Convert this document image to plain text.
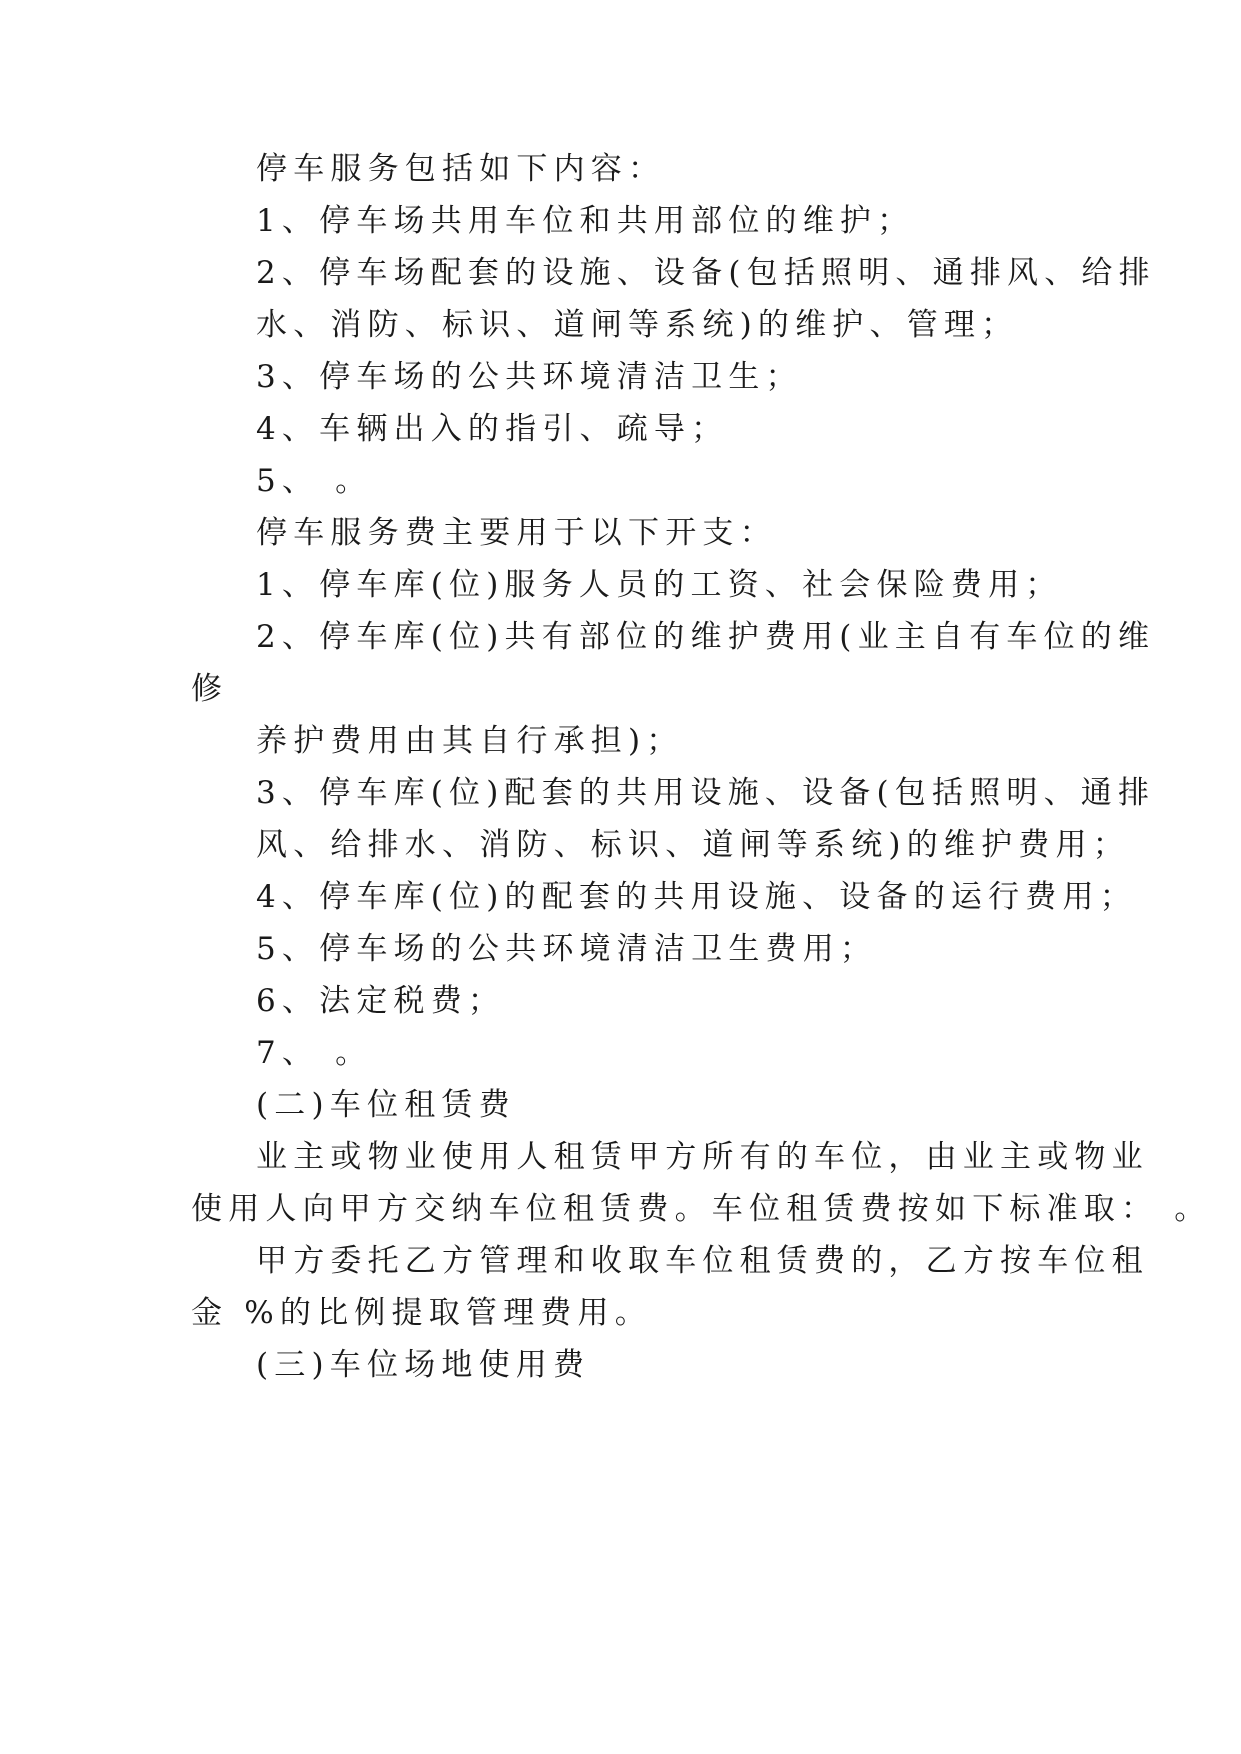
停车服务包括如下内容：
1、停车场共用车位和共用部位的维护；
2、停车场配套的设施、设备(包括照明、通排风、给排
水、消防、标识、道闸等系统)的维护、管理；
3、停车场的公共环境清洁卫生；
4、车辆出入的指引、疏导；
5、 。
停车服务费主要用于以下开支：
1、停车库(位)服务人员的工资、社会保险费用；
2、停车库(位)共有部位的维护费用(业主自有车位的维
修
养护费用由其自行承担)；
3、停车库(位)配套的共用设施、设备(包括照明、通排
风、给排水、消防、标识、道闸等系统)的维护费用；
4、停车库(位)的配套的共用设施、设备的运行费用；
5、停车场的公共环境清洁卫生费用；
6、法定税费；
7、 。
(二)车位租赁费
业主或物业使用人租赁甲方所有的车位，由业主或物业
使用人向甲方交纳车位租赁费。车位租赁费按如下标准取： 。
甲方委托乙方管理和收取车位租赁费的，乙方按车位租
金 %的比例提取管理费用。
(三)车位场地使用费
